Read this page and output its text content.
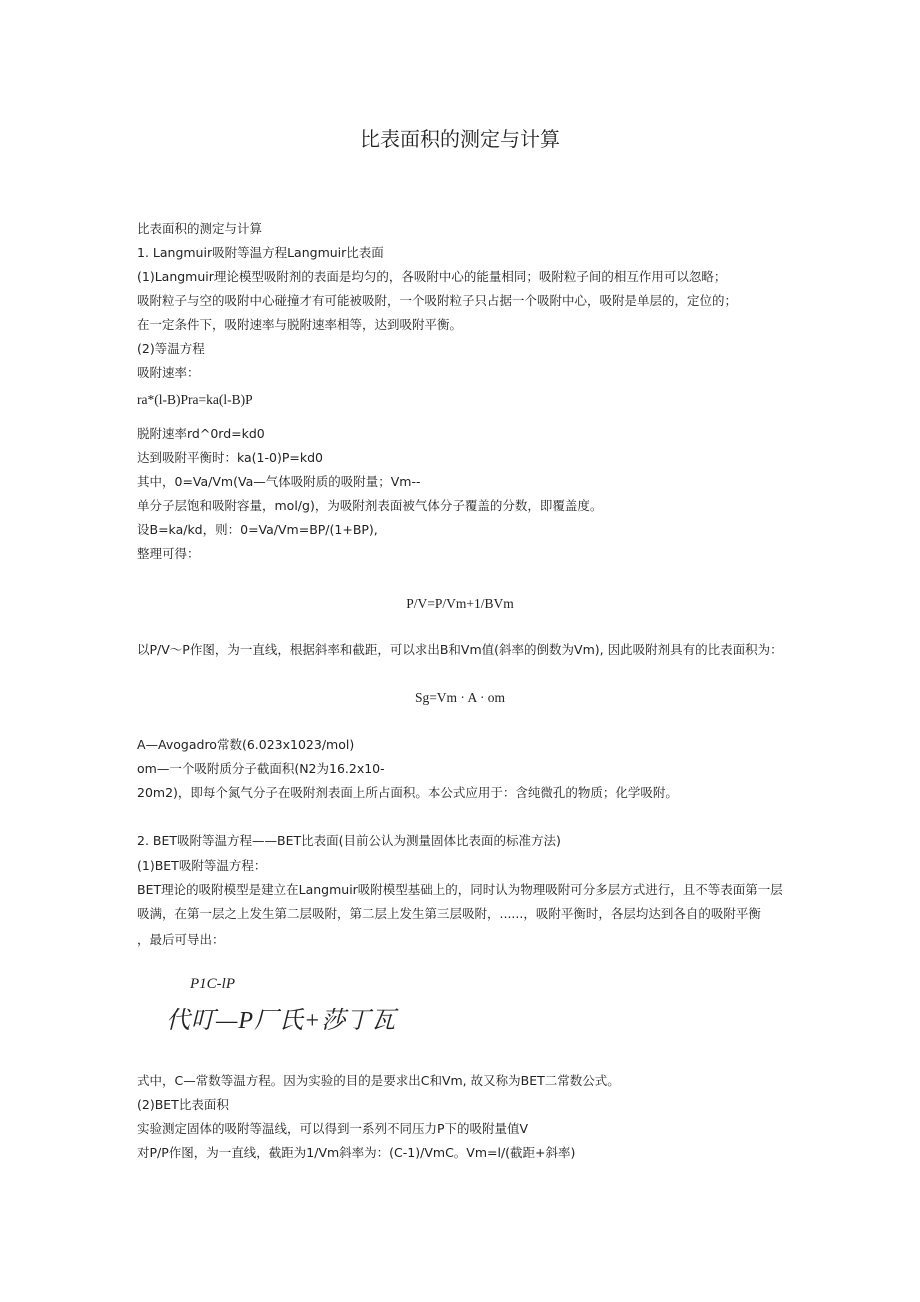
比表面积的测定与计算
比表面积的测定与计算
1. Langmuir吸附等温方程Langmuir比表面
(1)Langmuir理论模型吸附剂的表面是均匀的，各吸附中心的能量相同；吸附粒子间的相互作用可以忽略；
吸附粒子与空的吸附中心碰撞才有可能被吸附，一个吸附粒子只占据一个吸附中心，吸附是单层的，定位的；
在一定条件下，吸附速率与脱附速率相等，达到吸附平衡。
(2)等温方程
吸附速率：
ra*(l-B)Pra=ka(l-B)P
脱附速率rd^0rd=kd0
达到吸附平衡时：ka(1-0)P=kd0
其中，0=Va/Vm(Va—气体吸附质的吸附量；Vm--
单分子层饱和吸附容量，mol/g)，为吸附剂表面被气体分子覆盖的分数，即覆盖度。
设B=ka/kd，则：0=Va/Vm=BP/(1+BP),
整理可得：
P/V=P/Vm+1/BVm
以P/V～P作图，为一直线，根据斜率和截距，可以求出B和Vm值(斜率的倒数为Vm), 因此吸附剂具有的比表面积为：
Sg=Vm · A · om
A—Avogadro常数(6.023x1023/mol)
om—一个吸附质分子截面积(N2为16.2x10-
20m2)，即每个氮气分子在吸附剂表面上所占面积。本公式应用于：含纯微孔的物质；化学吸附。
2. BET吸附等温方程——BET比表面(目前公认为测量固体比表面的标准方法)
(1)BET吸附等温方程：
BET理论的吸附模型是建立在Langmuir吸附模型基础上的，同时认为物理吸附可分多层方式进行，且不等表面第一层
吸满，在第一层之上发生第二层吸附，第二层上发生第三层吸附，......，吸附平衡时，各层均达到各自的吸附平衡
，最后可导出：
P1C-lP
代叮—P厂氏+莎丁瓦
式中，C—常数等温方程。因为实验的目的是要求出C和Vm, 故又称为BET二常数公式。
(2)BET比表面积
实验测定固体的吸附等温线，可以得到一系列不同压力P下的吸附量值V
对P/P作图，为一直线，截距为1/Vm斜率为：(C-1)/VmC。Vm=l/(截距+斜率)
